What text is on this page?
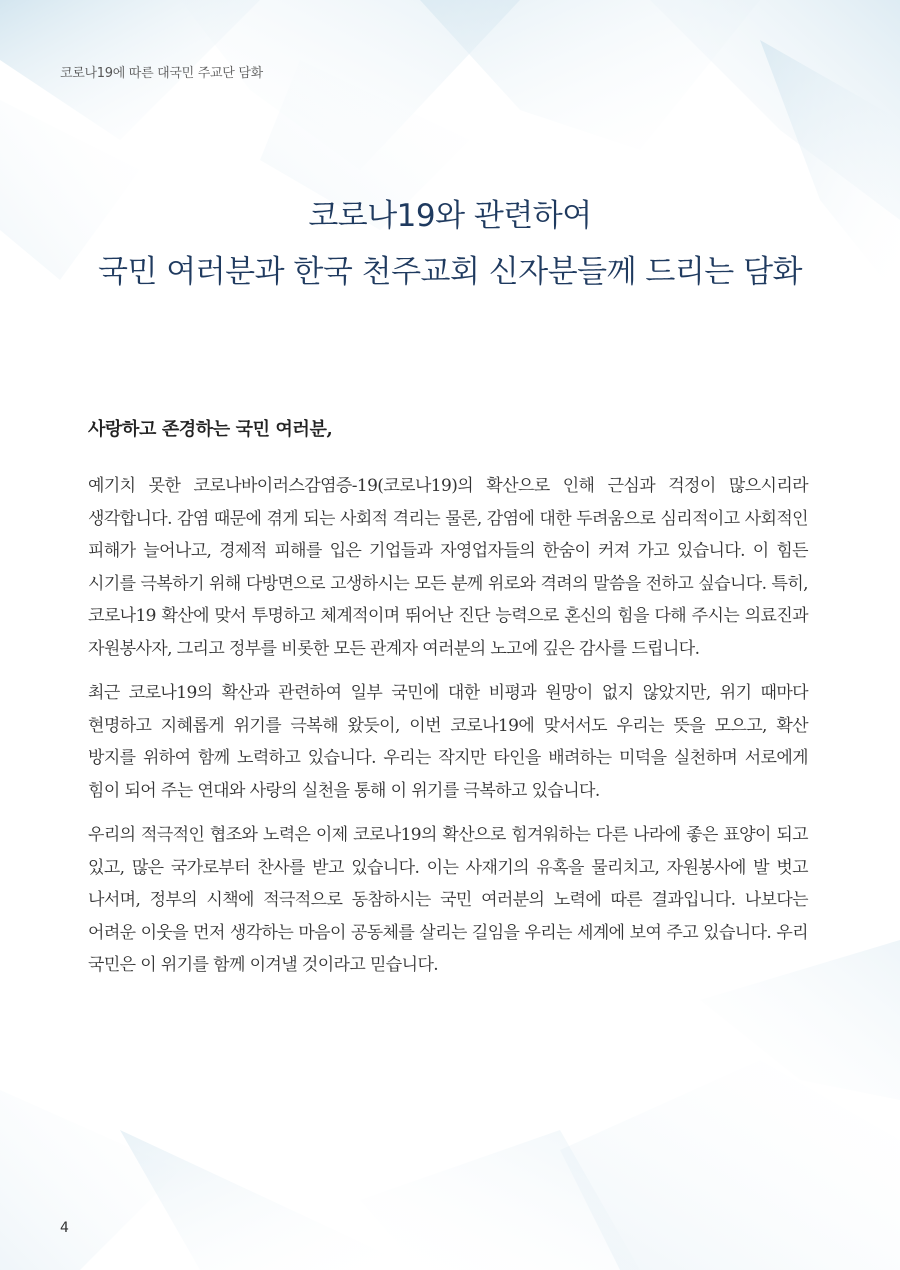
코로나19에 따른 대국민 주교단 담화
코로나19와 관련하여
국민 여러분과 한국 천주교회 신자분들께 드리는 담화

사랑하고 존경하는 국민 여러분,

예기치 못한 코로나바이러스감염증-19(코로나19)의 확산으로 인해 근심과 걱정이 많으시리라 생각합니다. 감염 때문에 겪게 되는 사회적 격리는 물론, 감염에 대한 두려움으로 심리적이고 사회적인 피해가 늘어나고, 경제적 피해를 입은 기업들과 자영업자들의 한숨이 커져 가고 있습니다. 이 힘든 시기를 극복하기 위해 다방면으로 고생하시는 모든 분께 위로와 격려의 말씀을 전하고 싶습니다. 특히, 코로나19 확산에 맞서 투명하고 체계적이며 뛰어난 진단 능력으로 혼신의 힘을 다해 주시는 의료진과 자원봉사자, 그리고 정부를 비롯한 모든 관계자 여러분의 노고에 깊은 감사를 드립니다.

최근 코로나19의 확산과 관련하여 일부 국민에 대한 비평과 원망이 없지 않았지만, 위기 때마다 현명하고 지혜롭게 위기를 극복해 왔듯이, 이번 코로나19에 맞서서도 우리는 뜻을 모으고, 확산 방지를 위하여 함께 노력하고 있습니다. 우리는 작지만 타인을 배려하는 미덕을 실천하며 서로에게 힘이 되어 주는 연대와 사랑의 실천을 통해 이 위기를 극복하고 있습니다.

우리의 적극적인 협조와 노력은 이제 코로나19의 확산으로 힘겨워하는 다른 나라에 좋은 표양이 되고 있고, 많은 국가로부터 찬사를 받고 있습니다. 이는 사재기의 유혹을 물리치고, 자원봉사에 발 벗고 나서며, 정부의 시책에 적극적으로 동참하시는 국민 여러분의 노력에 따른 결과입니다. 나보다는 어려운 이웃을 먼저 생각하는 마음이 공동체를 살리는 길임을 우리는 세계에 보여 주고 있습니다. 우리 국민은 이 위기를 함께 이겨낼 것이라고 믿습니다.

4
